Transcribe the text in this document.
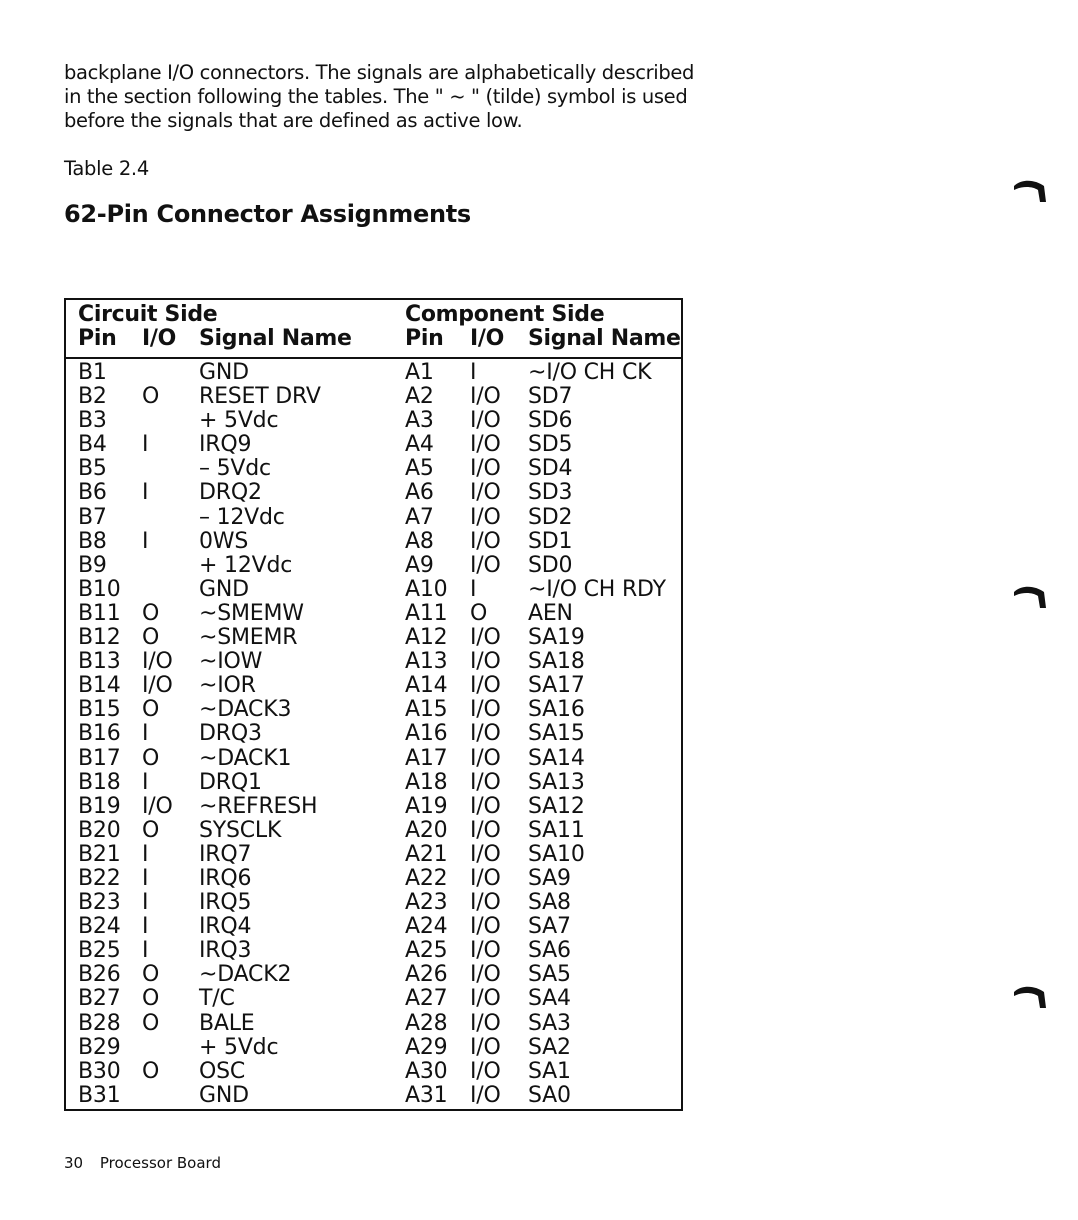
backplane I/O connectors. The signals are alphabetically described

in the section following the tables. The " ~ " (tilde) symbol is used

before the signals that are defined as active low.

Table 2.4
62-Pin Connector Assignments
Circuit Side	Component Side
Pin I/O Signal Name Pin I/O Signal Name
B1	GND	A1 I ~I/O CH CK
B2 O RESET DRV	A2 I/O SD7
B3	+ 5Vdc	A3 I/O SD6
B4 I IRQ9	A4 I/O SD5
B5	– 5Vdc	A5 I/O SD4
B6 I DRQ2	A6 I/O SD3
B7	– 12Vdc	A7 I/O SD2
B8 I 0WS	A8 I/O SD1
B9	+ 12Vdc	A9 I/O SD0
B10	GND	A10 I ~I/O CH RDY
B11 O ~SMEMW	A11 O AEN
B12 O ~SMEMR	A12 I/O SA19
B13 I/O ~IOW	A13 I/O SA18
B14 I/O ~IOR	A14 I/O SA17
B15 O ~DACK3	A15 I/O SA16
B16 I DRQ3	A16 I/O SA15
B17 O ~DACK1	A17 I/O SA14
B18 I DRQ1	A18 I/O SA13
B19 I/O ~REFRESH	A19 I/O SA12
B20 O SYSCLK	A20 I/O SA11
B21 I IRQ7	A21 I/O SA10
B22 I IRQ6	A22 I/O SA9
B23 I IRQ5	A23 I/O SA8
B24 I IRQ4	A24 I/O SA7
B25 I IRQ3	A25 I/O SA6
B26 O ~DACK2	A26 I/O SA5
B27 O T/C	A27 I/O SA4
B28 O BALE	A28 I/O SA3
B29	+ 5Vdc	A29 I/O SA2
B30 O OSC	A30 I/O SA1
B31	GND	A31 I/O SA0
30 Processor Board
